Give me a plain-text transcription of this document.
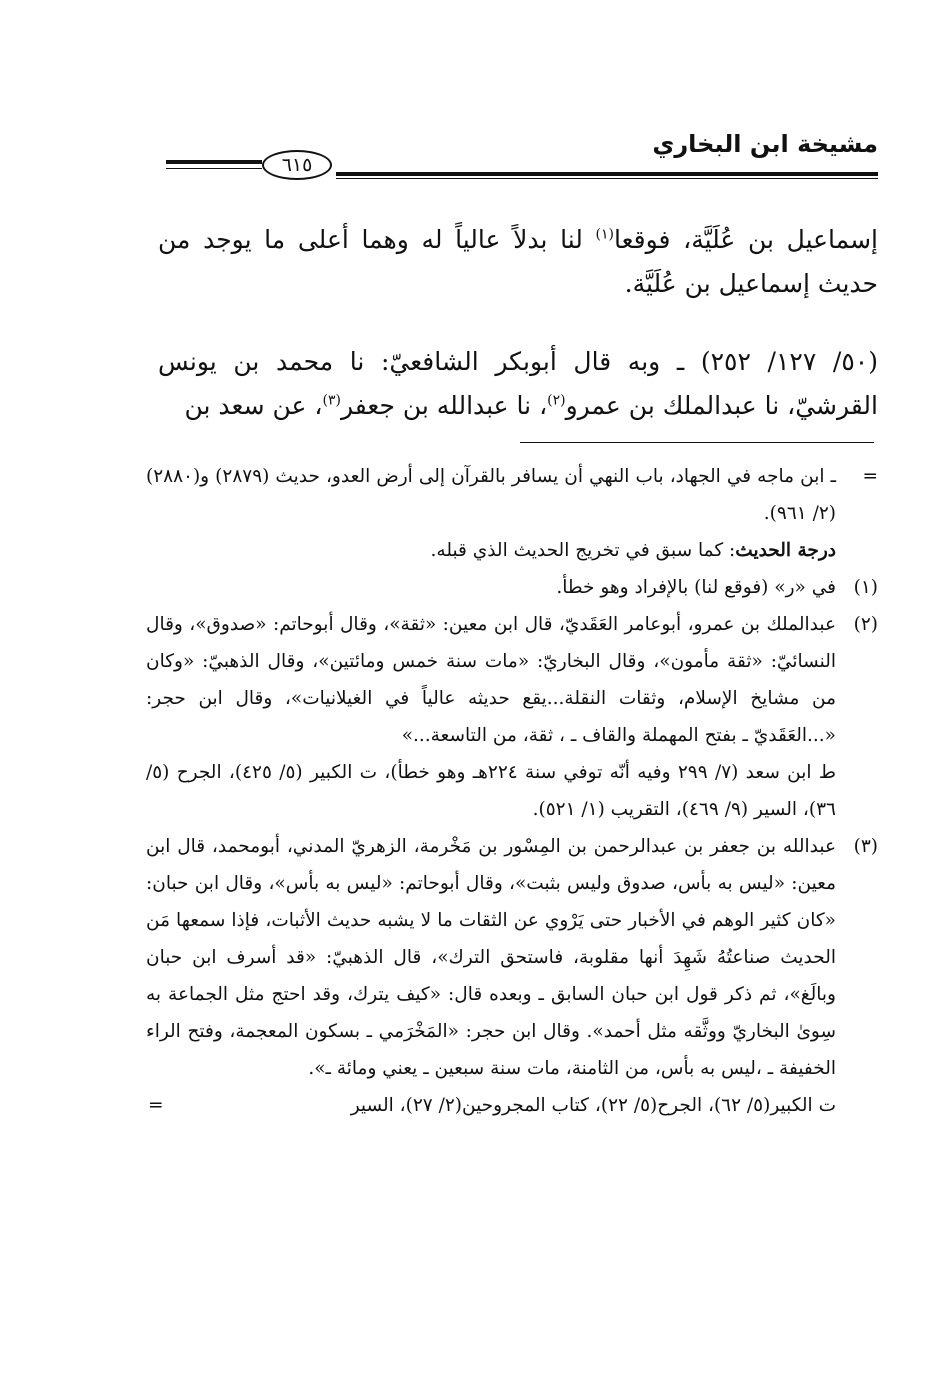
مشيخة ابن البخاري
٦١٥

إسماعيل بن عُلَيَّة، فوقعا$^{(١)}$ لنا بدلاً عالياً له وهما أعلى ما يوجد من حديث إسماعيل بن عُلَيَّة.

(٥٠/ ١٢٧/ ٢٥٢) ـ وبه قال أبوبكر الشافعيّ: نا محمد بن يونس القرشيّ، نا عبدالملك بن عمرو$^{(٢)}$، نا عبدالله بن جعفر$^{(٣)}$، عن سعد بن

=

ـ ابن ماجه في الجهاد، باب النهي أن يسافر بالقرآن إلى أرض العدو، حديث (٢٨٧٩) و(٢٨٨٠)(٢/ ٩٦١).

درجة الحديث: كما سبق في تخريج الحديث الذي قبله.

(١)

في «ر» (فوقع لنا) بالإفراد وهو خطأ.

(٢)

عبدالملك بن عمرو، أبوعامر العَقَديّ، قال ابن معين: «ثقة»، وقال أبوحاتم: «صدوق»، وقال النسائيّ: «ثقة مأمون»، وقال البخاريّ: «مات سنة خمس ومائتين»، وقال الذهبيّ: «وكان من مشايخ الإسلام، وثقات النقلة...يقع حديثه عالياً في الغيلانيات»، وقال ابن حجر: «...العَقَديّ ـ بفتح المهملة والقاف ـ ، ثقة، من التاسعة...»

ط ابن سعد (٧/ ٢٩٩ وفيه أنّه توفي سنة ٢٢٤هـ وهو خطأ)، ت الكبير (٥/ ٤٢٥)، الجرح (٥/ ٣٦)، السير (٩/ ٤٦٩)، التقريب (١/ ٥٢١).

(٣)

عبدالله بن جعفر بن عبدالرحمن بن المِسْور بن مَخْرمة، الزهريّ المدني، أبومحمد، قال ابن معين: «ليس به بأس، صدوق وليس بثبت»، وقال أبوحاتم: «ليس به بأس»، وقال ابن حبان: «كان كثير الوهم في الأخبار حتى يَرْوي عن الثقات ما لا يشبه حديث الأثبات، فإذا سمعها مَن الحديث صناعتُهُ شَهِدَ أنها مقلوبة، فاستحق الترك»، قال الذهبيّ: «قد أسرف ابن حبان وبالَغ»، ثم ذكر قول ابن حبان السابق ـ وبعده قال: «كيف يترك، وقد احتج مثل الجماعة به سِوىٰ البخاريّ ووثَّقه مثل أحمد». وقال ابن حجر: «المَخْرَمي ـ بسكون المعجمة، وفتح الراء الخفيفة ـ ،ليس به بأس، من الثامنة، مات سنة سبعين ـ يعني ومائة ـ».

ت الكبير(٥/ ٦٢)، الجرح(٥/ ٢٢)، كتاب المجروحين(٢/ ٢٧)، السير
=
